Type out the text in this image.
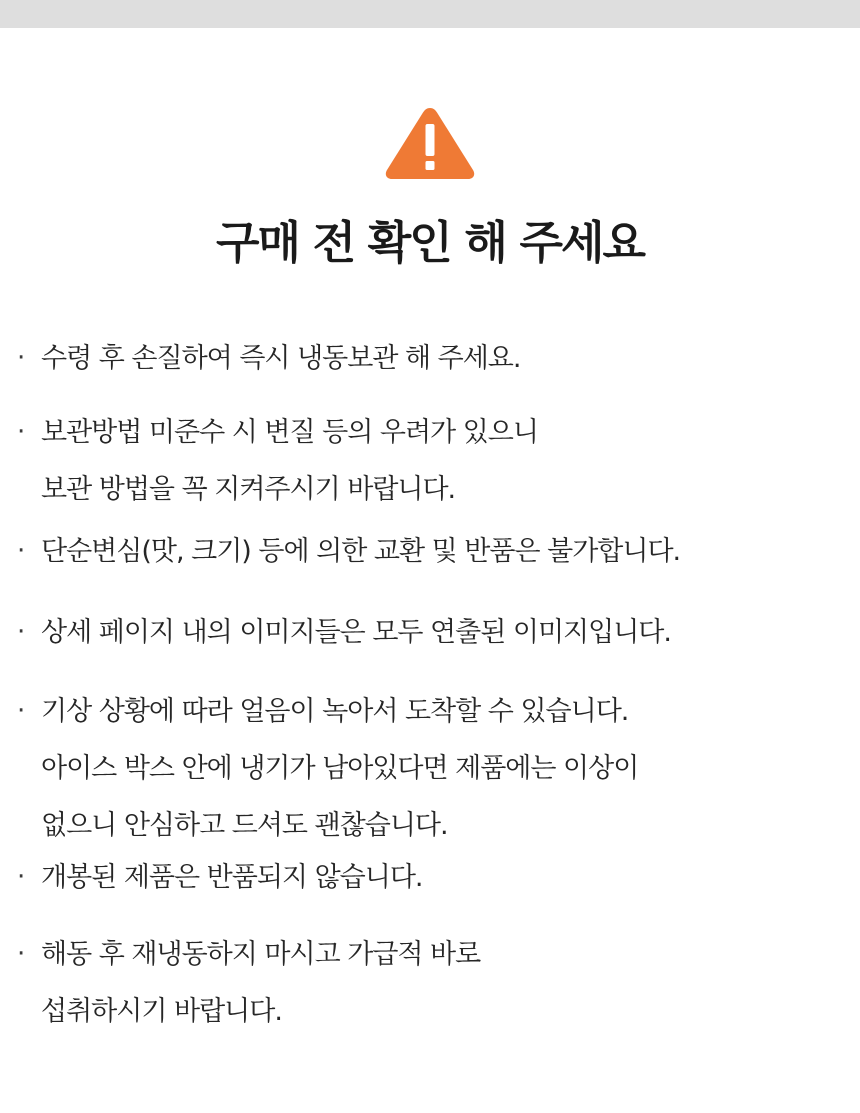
구매 전 확인 해 주세요
· 수령 후 손질하여 즉시 냉동보관 해 주세요.
· 보관방법 미준수 시 변질 등의 우려가 있으니
보관 방법을 꼭 지켜주시기 바랍니다.
· 단순변심(맛, 크기) 등에 의한 교환 및 반품은 불가합니다.
· 상세 페이지 내의 이미지들은 모두 연출된 이미지입니다.
· 기상 상황에 따라 얼음이 녹아서 도착할 수 있습니다.
아이스 박스 안에 냉기가 남아있다면 제품에는 이상이
없으니 안심하고 드셔도 괜찮습니다.
· 개봉된 제품은 반품되지 않습니다.
· 해동 후 재냉동하지 마시고 가급적 바로
섭취하시기 바랍니다.
